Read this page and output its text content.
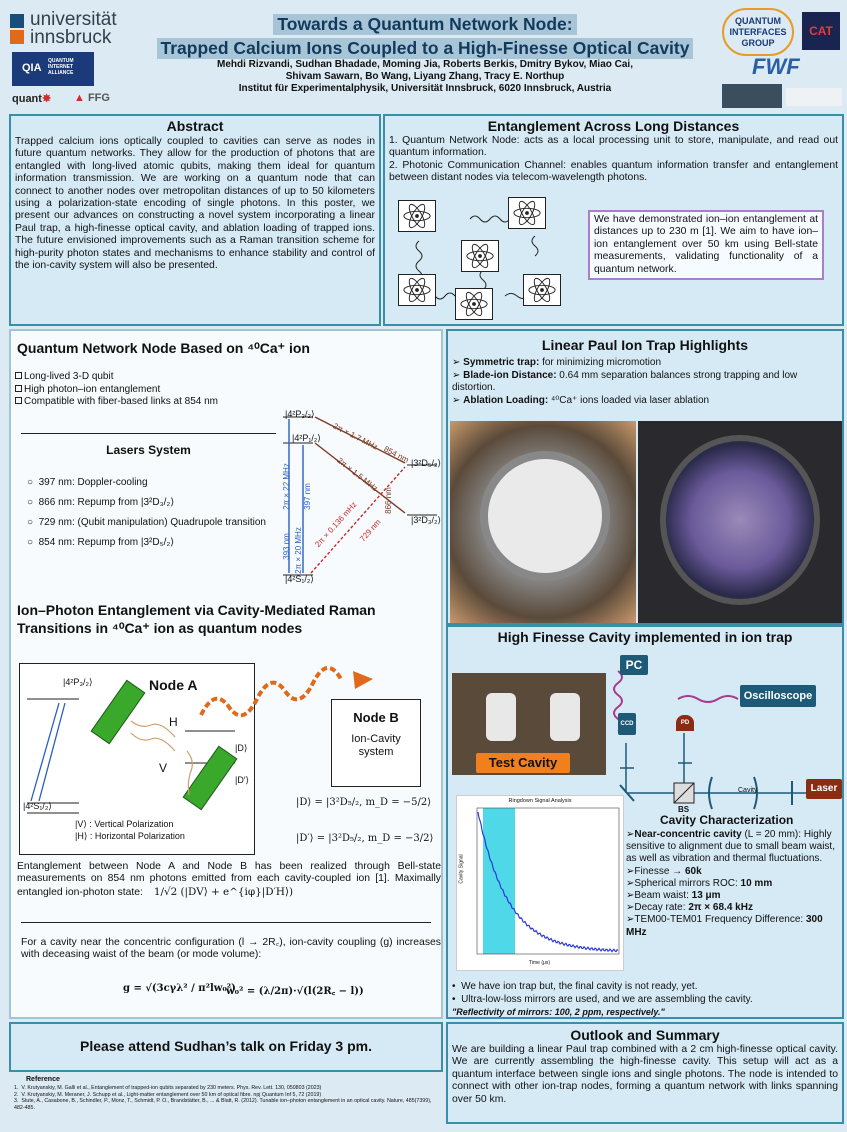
universität
innsbruck
QIA
QUANTUM INTERNET ALLIANCE
quant✸ ▲ FFG
Towards a Quantum Network Node:
Trapped Calcium Ions Coupled to a High-Finesse Optical Cavity
Mehdi Rizvandi, Sudhan Bhadade, Moming Jia, Roberts Berkis, Dmitry Bykov, Miao Cai,
Shivam Sawarn, Bo Wang, Liyang Zhang, Tracy E. Northup
Institut für Experimentalphysik, Universität Innsbruck, 6020 Innsbruck, Austria
QUANTUM
INTERFACES
GROUP
CAT
FWF
Abstract
Trapped calcium ions optically coupled to cavities can serve as nodes in future quantum networks. They allow for the production of photons that are entangled with long-lived atomic qubits, making them ideal for quantum information transmission. We are working on a quantum node that can connect to another nodes over metropolitan distances of up to 50 kilometers using a polarization-state encoding of single photons. In this poster, we present our advances on constructing a novel system incorporating a linear Paul trap, a high-finesse optical cavity, and ablation loading of trapped ions. The future envisioned improvements such as a Raman transition scheme for high-purity photon states and mechanisms to enhance stability and control of the ion-cavity system will also be presented.
Entanglement Across Long Distances
1. Quantum Network Node: acts as a local processing unit to store, manipulate, and read out quantum information.
2. Photonic Communication Channel: enables quantum information transfer and entanglement between distant nodes via telecom-wavelength photons.
We have demonstrated ion–ion entanglement at distances up to 230 m [1]. We aim to have ion–ion entanglement over 50 km using Bell-state measurements, validating functionality of a quantum network.
Quantum Network Node Based on ⁴⁰Ca⁺ ion
Long-lived 3-D qubit
High photon–ion entanglement
Compatible with fiber-based links at 854 nm
Lasers System
○  397 nm: Doppler-cooling
○  866 nm: Repump from |3²D₃/₂⟩
○  729 nm: (Qubit manipulation) Quadrupole transition
○  854 nm: Repump from |3²D₅/₂⟩
|4²P₃/₂⟩
|4²P₁/₂⟩
|3²D₅/₂⟩
|3²D₃/₂⟩
|4²S₁/₂⟩
393 nm
2π × 22 MHz 397 nm
2π × 20 MHz
2π × 1.7 MHz
854 nm
2π × 1.5 MHz
866 nm
2π × 0.136 mHz 729 nm
Ion–Photon Entanglement via Cavity-Mediated Raman Transitions in ⁴⁰Ca⁺ ion as quantum nodes
|4²P₃/₂⟩
|4²S₁/₂⟩
Node A
H
V
|D⟩
|D′⟩
|V⟩ : Vertical Polarization
|H⟩ : Horizontal Polarization
Node B
Ion-Cavity system
|D⟩ = |3²D₅/₂, m_D = −5/2⟩
|D′⟩ = |3²D₅/₂, m_D = −3/2⟩
Entanglement between Node A and Node B has been realized through Bell-state measurements on 854 nm photons emitted from each cavity-coupled ion [1]. Maximally entangled ion-photon state: 1/√2 (|DV⟩ + e^{iφ}|D′H⟩)
For a cavity near the concentric configuration (l → 2R꜀), ion-cavity coupling (g) increases with deceasing waist of the beam (or mode volume):
g = √(3cγλ² / π²lw₀²)
w₀² = (λ/2π)·√(l(2R꜀ − l))
Linear Paul Ion Trap Highlights
➢ Symmetric trap: for minimizing micromotion
➢ Blade-ion Distance: 0.64 mm separation balances strong trapping and low distortion.
➢ Ablation Loading: ⁴⁰Ca⁺ ions loaded via laser ablation
High Finesse Cavity implemented in ion trap
Test Cavity
PC
Oscilloscope
CCD	PD
BS
Cavity	Laser
Ringdown Signal Analysis
Cavity Signal
Time (μs)
Cavity Characterization
➢Near-concentric cavity (L = 20 mm): Highly sensitive to alignment due to small beam waist, as well as vibration and thermal fluctuations.
➢Finesse → 60k
➢Spherical mirrors ROC: 10 mm
➢Beam waist: 13 μm
➢Decay rate: 2π × 68.4 kHz
➢TEM00-TEM01 Frequency Difference: 300 MHz
•  We have ion trap but, the final cavity is not ready, yet.
•  Ultra-low-loss mirrors are used, and we are assembling the cavity.
"Reflectivity of mirrors: 100, 2 ppm, respectively."
Please attend Sudhan’s talk on Friday 3 pm.
Reference
1.  V. Krutyanskiy, M. Galli et al., Entanglement of trapped-ion qubits separated by 230 meters. Phys. Rev. Lett. 130, 050803 (2023)
2.  V. Krutyanskiy, M. Meraner, J. Schupp et al., Light-matter entanglement over 50 km of optical fibre. npj Quantum Inf 5, 72 (2019)
3.  Stute, A., Casabone, B., Schindler, P., Monz, T., Schmidt, P. O., Brandstätter, B., ... & Blatt, R. (2012). Tunable ion–photon entanglement in an optical cavity. Nature, 485(7399), 482-485.
Outlook and Summary
We are building a linear Paul trap combined with a 2 cm high-finesse optical cavity. We are currently assembling the high-finesse cavity. This setup will act as a quantum interface between single ions and single photons. The node is intended to connect with other ion-trap nodes, forming a quantum network with links spanning over 50 km.
